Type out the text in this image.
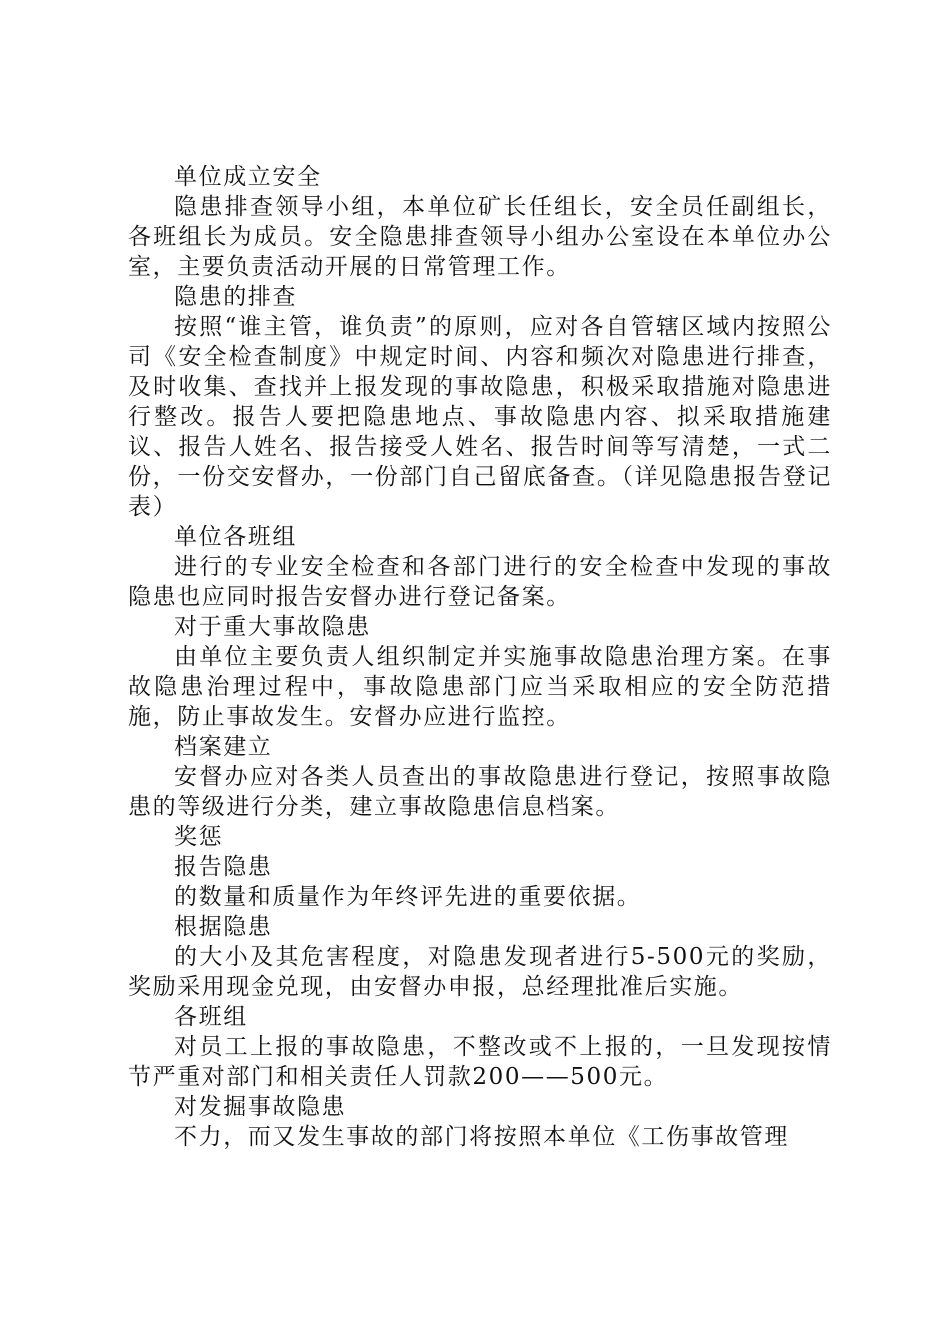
单位成立安全

隐患排查领导小组，本单位矿长任组长，安全员任副组长，各班组长为成员。安全隐患排查领导小组办公室设在本单位办公室，主要负责活动开展的日常管理工作。

隐患的排查

按照“谁主管，谁负责”的原则，应对各自管辖区域内按照公司《安全检查制度》中规定时间、内容和频次对隐患进行排查，及时收集、查找并上报发现的事故隐患，积极采取措施对隐患进行整改。报告人要把隐患地点、事故隐患内容、拟采取措施建议、报告人姓名、报告接受人姓名、报告时间等写清楚，一式二份，一份交安督办，一份部门自己留底备查。（详见隐患报告登记表）

单位各班组

进行的专业安全检查和各部门进行的安全检查中发现的事故隐患也应同时报告安督办进行登记备案。

对于重大事故隐患

由单位主要负责人组织制定并实施事故隐患治理方案。在事故隐患治理过程中，事故隐患部门应当采取相应的安全防范措施，防止事故发生。安督办应进行监控。

档案建立

安督办应对各类人员查出的事故隐患进行登记，按照事故隐患的等级进行分类，建立事故隐患信息档案。

奖惩

报告隐患

的数量和质量作为年终评先进的重要依据。

根据隐患

的大小及其危害程度，对隐患发现者进行5-500元的奖励，奖励采用现金兑现，由安督办申报，总经理批准后实施。

各班组

对员工上报的事故隐患，不整改或不上报的，一旦发现按情节严重对部门和相关责任人罚款200——500元。

对发掘事故隐患

不力，而又发生事故的部门将按照本单位《工伤事故管理
